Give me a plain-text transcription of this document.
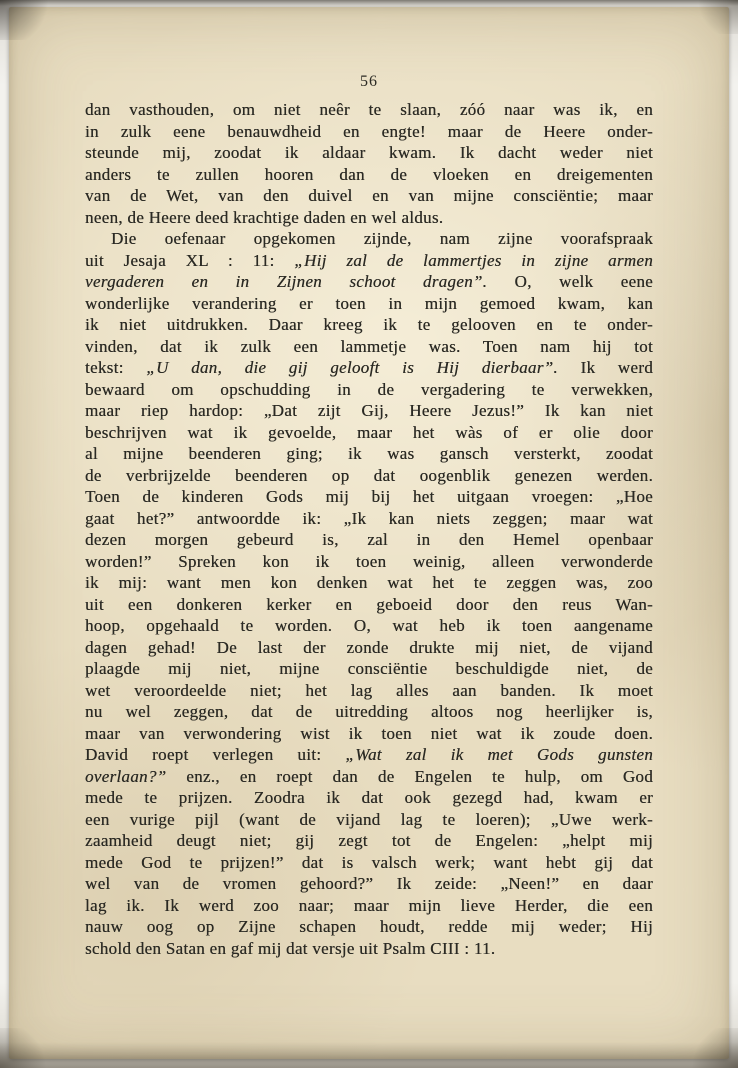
56
dan vasthouden, om niet neêr te slaan, zóó naar was ik, en
in zulk eene benauwdheid en engte! maar de Heere onder-
steunde mij, zoodat ik aldaar kwam. Ik dacht weder niet
anders te zullen hooren dan de vloeken en dreigementen
van de Wet, van den duivel en van mijne consciëntie; maar
neen, de Heere deed krachtige daden en wel aldus.
Die oefenaar opgekomen zijnde, nam zijne voorafspraak
uit Jesaja XL : 11: „Hij zal de lammertjes in zijne armen
vergaderen en in Zijnen schoot dragen”. O, welk eene
wonderlijke verandering er toen in mijn gemoed kwam, kan
ik niet uitdrukken. Daar kreeg ik te gelooven en te onder-
vinden, dat ik zulk een lammetje was. Toen nam hij tot
tekst: „U dan, die gij gelooft is Hij dierbaar”. Ik werd
bewaard om opschudding in de vergadering te verwekken,
maar riep hardop: „Dat zijt Gij, Heere Jezus!” Ik kan niet
beschrijven wat ik gevoelde, maar het wàs of er olie door
al mijne beenderen ging; ik was gansch versterkt, zoodat
de verbrijzelde beenderen op dat oogenblik genezen werden.
Toen de kinderen Gods mij bij het uitgaan vroegen: „Hoe
gaat het?” antwoordde ik: „Ik kan niets zeggen; maar wat
dezen morgen gebeurd is, zal in den Hemel openbaar
worden!” Spreken kon ik toen weinig, alleen verwonderde
ik mij: want men kon denken wat het te zeggen was, zoo
uit een donkeren kerker en geboeid door den reus Wan-
hoop, opgehaald te worden. O, wat heb ik toen aangename
dagen gehad! De last der zonde drukte mij niet, de vijand
plaagde mij niet, mijne consciëntie beschuldigde niet, de
wet veroordeelde niet; het lag alles aan banden. Ik moet
nu wel zeggen, dat de uitredding altoos nog heerlijker is,
maar van verwondering wist ik toen niet wat ik zoude doen.
David roept verlegen uit: „Wat zal ik met Gods gunsten
overlaan?” enz., en roept dan de Engelen te hulp, om God
mede te prijzen. Zoodra ik dat ook gezegd had, kwam er
een vurige pijl (want de vijand lag te loeren); „Uwe werk-
zaamheid deugt niet; gij zegt tot de Engelen: „helpt mij
mede God te prijzen!” dat is valsch werk; want hebt gij dat
wel van de vromen gehoord?” Ik zeide: „Neen!” en daar
lag ik. Ik werd zoo naar; maar mijn lieve Herder, die een
nauw oog op Zijne schapen houdt, redde mij weder; Hij
schold den Satan en gaf mij dat versje uit Psalm CIII : 11.
